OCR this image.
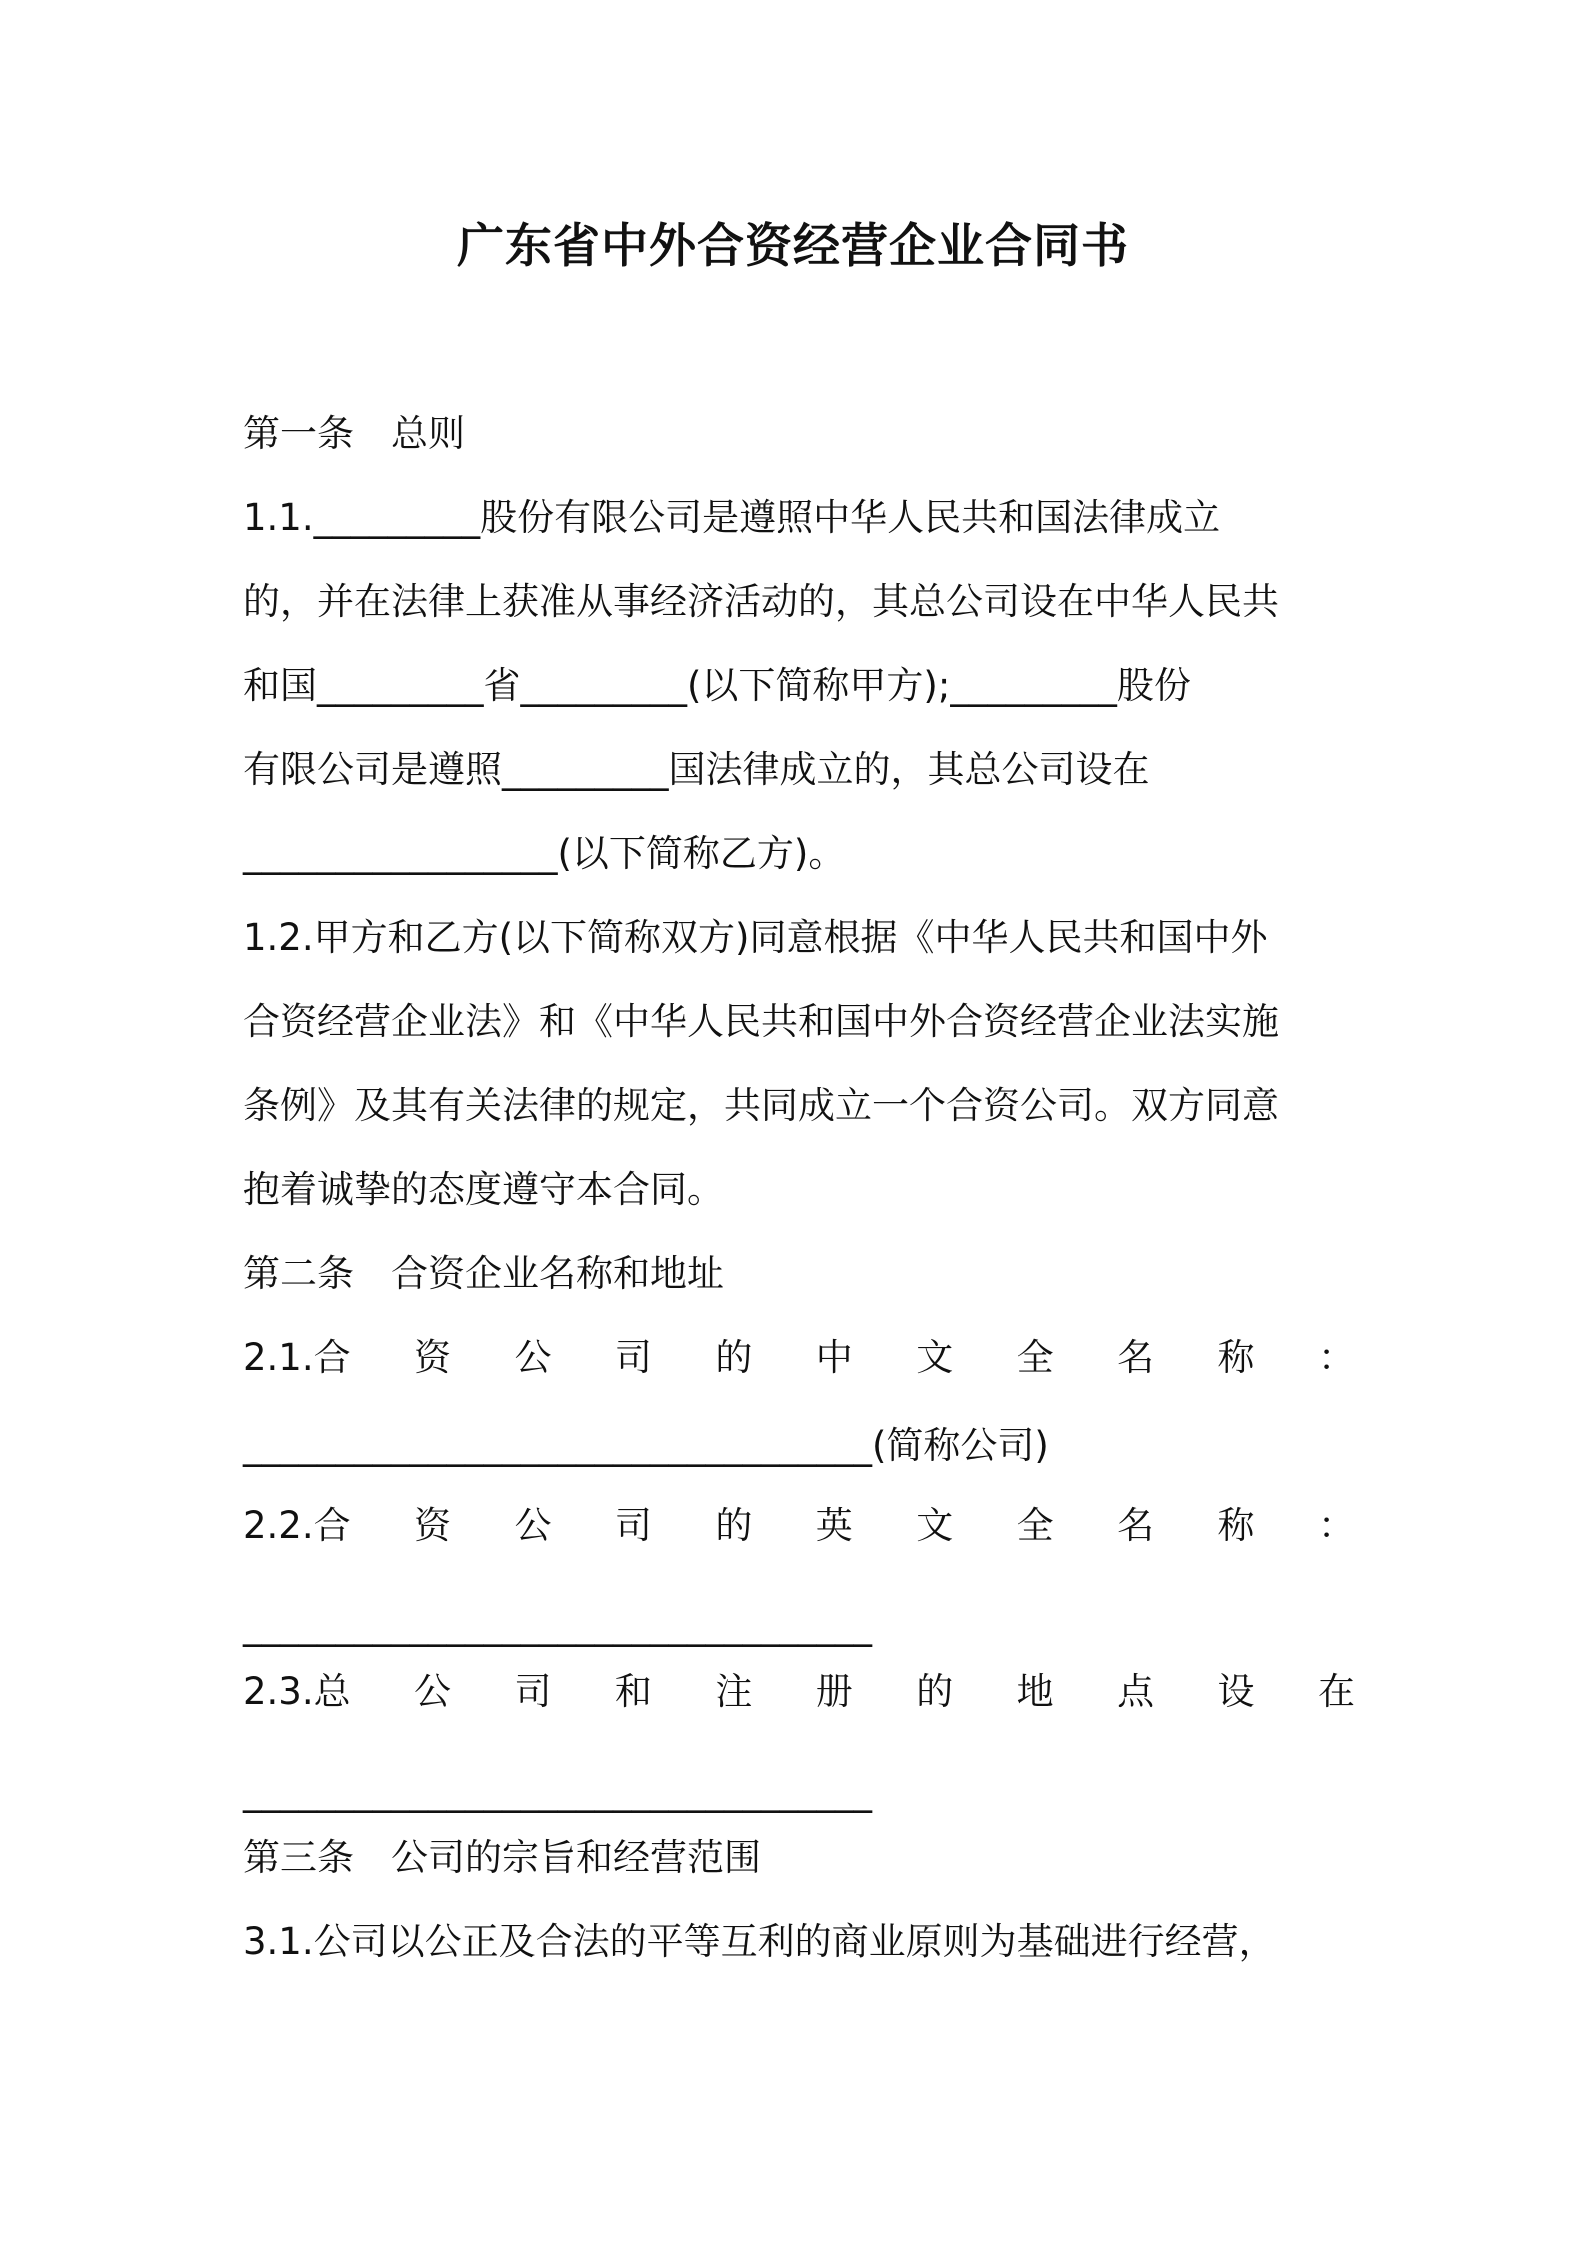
广东省中外合资经营企业合同书
第一条　总则
1.1._________股份有限公司是遵照中华人民共和国法律成立
的，并在法律上获准从事经济活动的，其总公司设在中华人民共
和国_________省_________(以下简称甲方);_________股份
有限公司是遵照_________国法律成立的，其总公司设在
_________________(以下简称乙方)。
1.2.甲方和乙方(以下简称双方)同意根据《中华人民共和国中外
合资经营企业法》和《中华人民共和国中外合资经营企业法实施
条例》及其有关法律的规定，共同成立一个合资公司。双方同意
抱着诚挚的态度遵守本合同。
第二条　合资企业名称和地址
2.1.合 资 公 司 的 中 文 全 名 称 ：
__________________________________(简称公司)
2.2.合 资 公 司 的 英 文 全 名 称 ：
__________________________________
2.3.总 公 司 和 注 册 的 地 点 设 在
__________________________________
第三条　公司的宗旨和经营范围
3.1.公司以公正及合法的平等互利的商业原则为基础进行经营，
